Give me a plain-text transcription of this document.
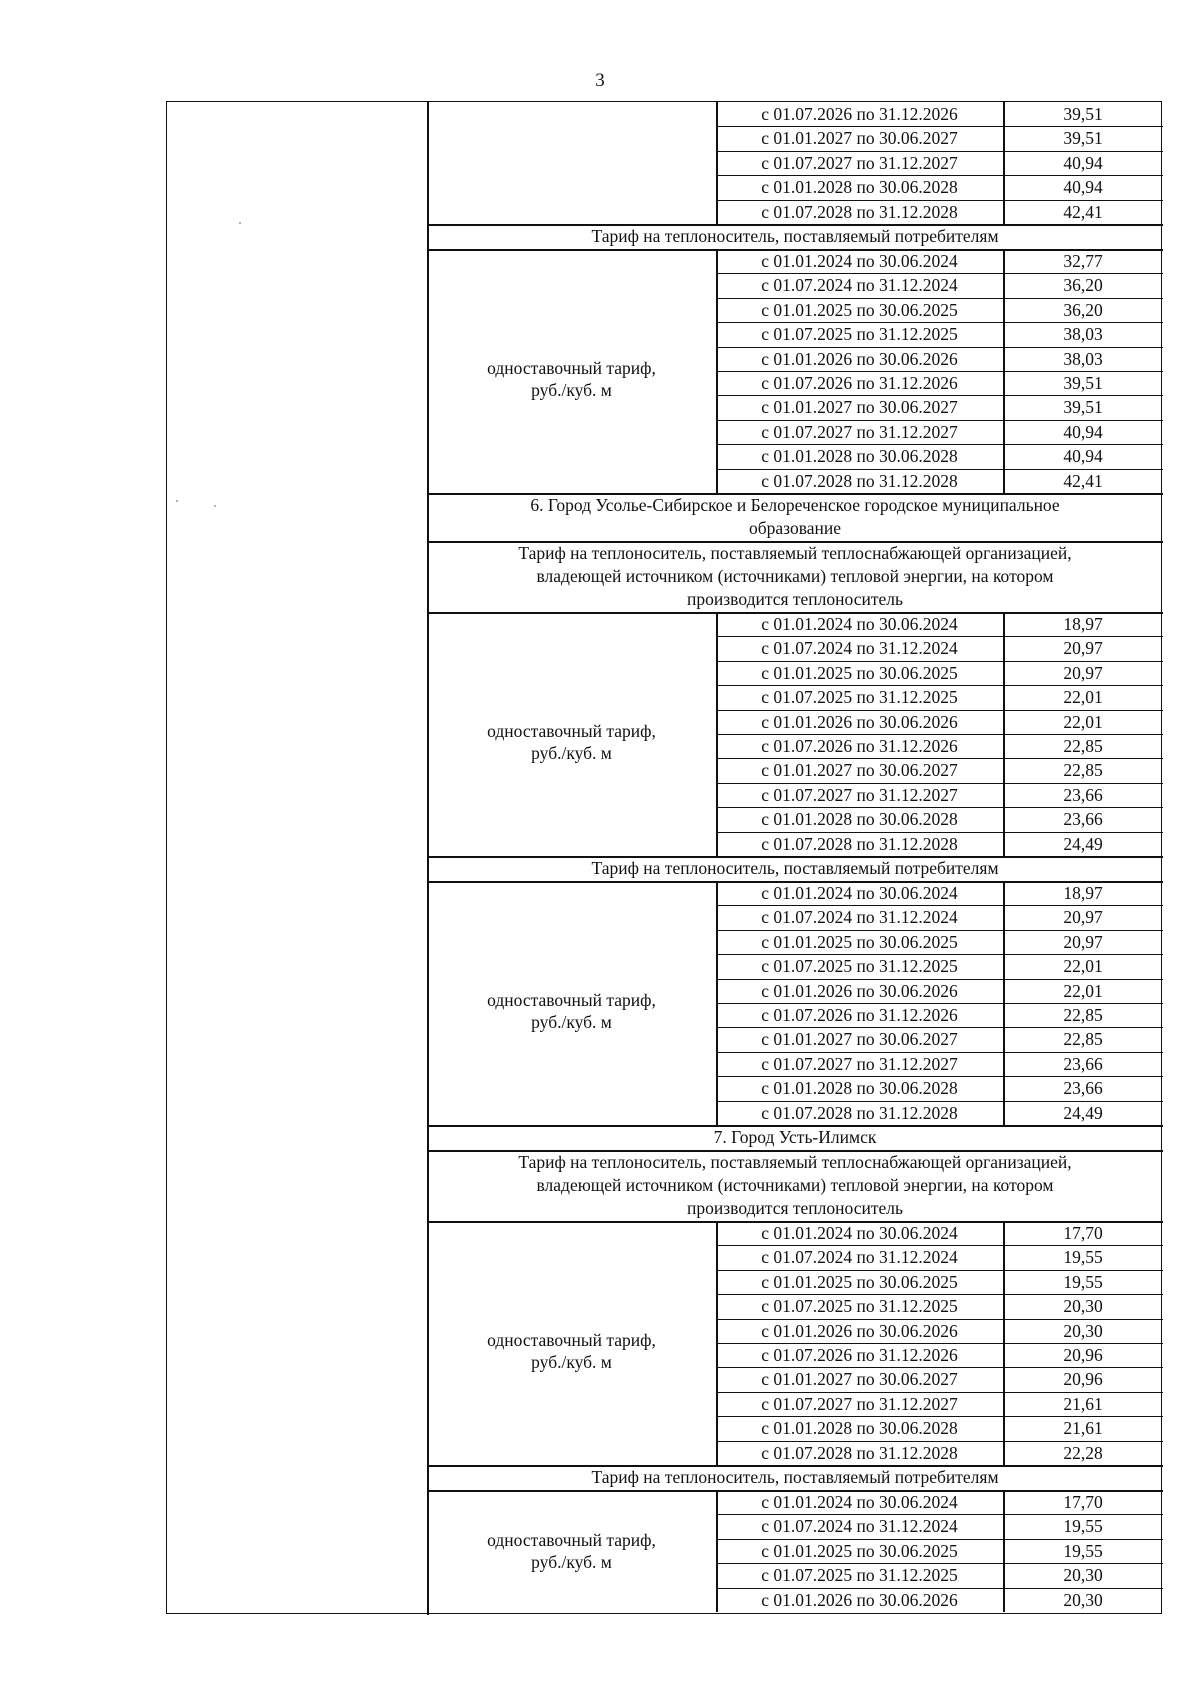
3
с 01.07.2026 по 31.12.2026	39,51
с 01.01.2027 по 30.06.2027	39,51
с 01.07.2027 по 31.12.2027	40,94
с 01.01.2028 по 30.06.2028	40,94
с 01.07.2028 по 31.12.2028	42,41
Тариф на теплоноситель, поставляемый потребителям
с 01.01.2024 по 30.06.2024	32,77
с 01.07.2024 по 31.12.2024	36,20
с 01.01.2025 по 30.06.2025	36,20
с 01.07.2025 по 31.12.2025	38,03
с 01.01.2026 по 30.06.2026	38,03
с 01.07.2026 по 31.12.2026	39,51
с 01.01.2027 по 30.06.2027	39,51
с 01.07.2027 по 31.12.2027	40,94
с 01.01.2028 по 30.06.2028	40,94
с 01.07.2028 по 31.12.2028	42,41
одноставочный тариф,
руб./куб. м
6. Город Усолье-Сибирское и Белореченское городское муниципальное
образование
Тариф на теплоноситель, поставляемый теплоснабжающей организацией,
владеющей источником (источниками) тепловой энергии, на котором
производится теплоноситель
с 01.01.2024 по 30.06.2024	18,97
с 01.07.2024 по 31.12.2024	20,97
с 01.01.2025 по 30.06.2025	20,97
с 01.07.2025 по 31.12.2025	22,01
с 01.01.2026 по 30.06.2026	22,01
с 01.07.2026 по 31.12.2026	22,85
с 01.01.2027 по 30.06.2027	22,85
с 01.07.2027 по 31.12.2027	23,66
с 01.01.2028 по 30.06.2028	23,66
с 01.07.2028 по 31.12.2028	24,49
одноставочный тариф,
руб./куб. м
Тариф на теплоноситель, поставляемый потребителям
с 01.01.2024 по 30.06.2024	18,97
с 01.07.2024 по 31.12.2024	20,97
с 01.01.2025 по 30.06.2025	20,97
с 01.07.2025 по 31.12.2025	22,01
с 01.01.2026 по 30.06.2026	22,01
с 01.07.2026 по 31.12.2026	22,85
с 01.01.2027 по 30.06.2027	22,85
с 01.07.2027 по 31.12.2027	23,66
с 01.01.2028 по 30.06.2028	23,66
с 01.07.2028 по 31.12.2028	24,49
одноставочный тариф,
руб./куб. м
7. Город Усть-Илимск
Тариф на теплоноситель, поставляемый теплоснабжающей организацией,
владеющей источником (источниками) тепловой энергии, на котором
производится теплоноситель
с 01.01.2024 по 30.06.2024	17,70
с 01.07.2024 по 31.12.2024	19,55
с 01.01.2025 по 30.06.2025	19,55
с 01.07.2025 по 31.12.2025	20,30
с 01.01.2026 по 30.06.2026	20,30
с 01.07.2026 по 31.12.2026	20,96
с 01.01.2027 по 30.06.2027	20,96
с 01.07.2027 по 31.12.2027	21,61
с 01.01.2028 по 30.06.2028	21,61
с 01.07.2028 по 31.12.2028	22,28
одноставочный тариф,
руб./куб. м
Тариф на теплоноситель, поставляемый потребителям
с 01.01.2024 по 30.06.2024	17,70
с 01.07.2024 по 31.12.2024	19,55
с 01.01.2025 по 30.06.2025	19,55
с 01.07.2025 по 31.12.2025	20,30
с 01.01.2026 по 30.06.2026	20,30
одноставочный тариф,
руб./куб. м
